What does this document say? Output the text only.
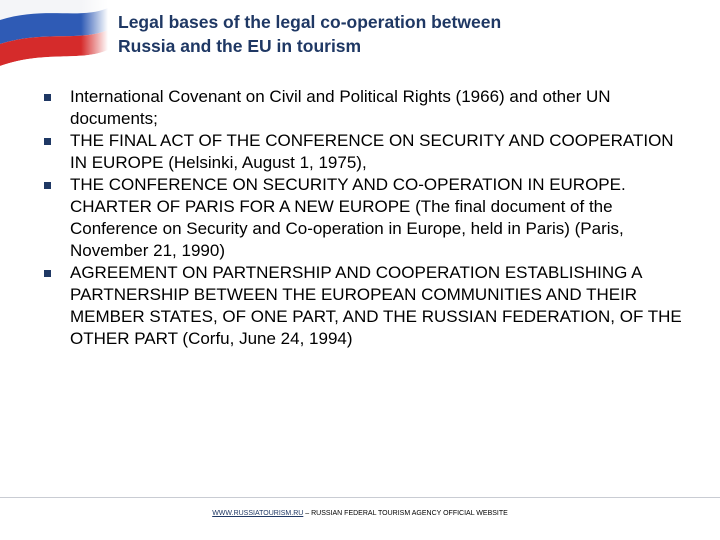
Legal bases of the legal co-operation between
Russia and the EU in tourism
International Covenant on Civil and Political Rights (1966) and other UN documents;
THE FINAL ACT OF THE CONFERENCE ON SECURITY AND COOPERATION IN EUROPE (Helsinki, August 1, 1975),
THE CONFERENCE ON SECURITY AND CO-OPERATION IN EUROPE. CHARTER OF PARIS FOR A NEW EUROPE (The final document of the Conference on Security and Co-operation in Europe, held in Paris) (Paris, November 21, 1990)
AGREEMENT ON PARTNERSHIP AND COOPERATION ESTABLISHING A PARTNERSHIP BETWEEN THE EUROPEAN COMMUNITIES AND THEIR MEMBER STATES, OF ONE PART, AND THE RUSSIAN FEDERATION, OF THE OTHER PART (Corfu, June 24, 1994)
WWW.RUSSIATOURISM.RU – RUSSIAN FEDERAL TOURISM AGENCY OFFICIAL WEBSITE
